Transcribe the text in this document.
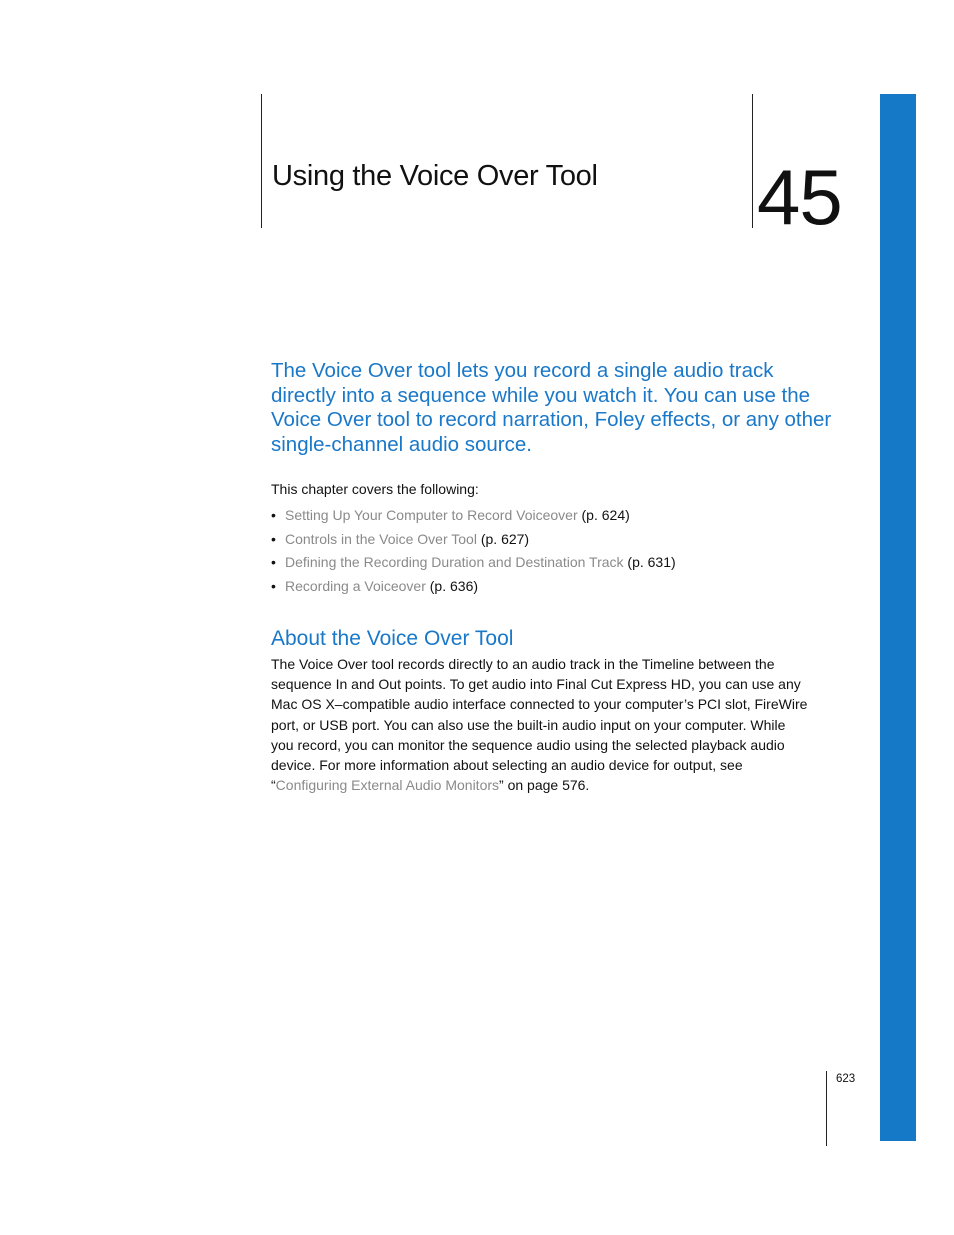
Using the Voice Over Tool 45
The Voice Over tool lets you record a single audio track
directly into a sequence while you watch it. You can use the
Voice Over tool to record narration, Foley effects, or any other
single-channel audio source.
This chapter covers the following:
• Setting Up Your Computer to Record Voiceover (p. 624)
• Controls in the Voice Over Tool (p. 627)
• Defining the Recording Duration and Destination Track (p. 631)
• Recording a Voiceover (p. 636)
About the Voice Over Tool
The Voice Over tool records directly to an audio track in the Timeline between the
sequence In and Out points. To get audio into Final Cut Express HD, you can use any
Mac OS X–compatible audio interface connected to your computer’s PCI slot, FireWire
port, or USB port. You can also use the built-in audio input on your computer. While
you record, you can monitor the sequence audio using the selected playback audio
device. For more information about selecting an audio device for output, see
“Configuring External Audio Monitors” on page 576.
623
